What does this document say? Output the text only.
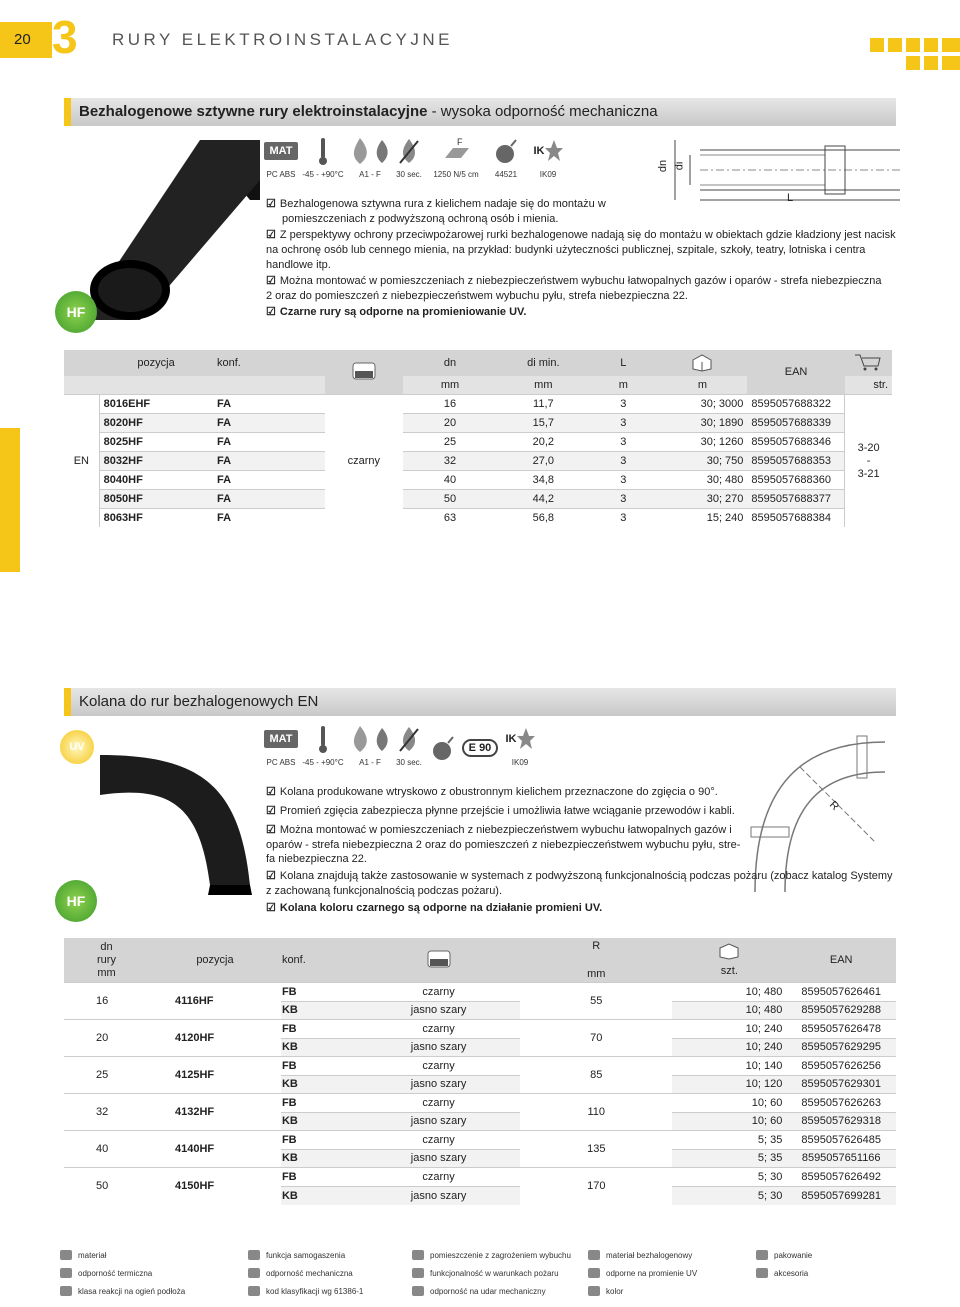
20 3 RURY ELEKTROINSTALACYJNE
Bezhalogenowe sztywne rury elektroinstalacyjne - wysoka odporność mechaniczna
MAT
PC ABS -45 - +90°C A1 - F 30 sec.
F
1250 N/5 cm 44521
IK
IK09
HF
dn di
L
☑ Bezhalogenowa sztywna rura z kielichem nadaje się do montażu w
pomieszczeniach z podwyższoną ochroną osób i mienia.
☑ Z perspektywy ochrony przeciwpożarowej rurki bezhalogenowe nadają się do montażu w obiektach gdzie kładziony jest nacisk
na ochronę osób lub cennego mienia, na przykład: budynki użyteczności publicznej, szpitale, szkoły, teatry, lotniska i centra
handlowe itp.
☑ Można montować w pomieszczeniach z niebezpieczeństwem wybuchu łatwopalnych gazów i oparów - strefa niebezpieczna
2 oraz do pomieszczeń z niebezpieczeństwem wybuchu pyłu, strefa niebezpieczna 22.
☑ Czarne rury są odporne na promieniowanie UV.
	pozycja	konf.		dn	di min.	L		EAN	
				mm	mm	m	m		str.
EN	8016EHF	FA	czarny	16	11,7	3	30; 3000	8595057688322	3-20
-
3-21
	8020HF	FA		20	15,7	3	30; 1890	8595057688339	
	8025HF	FA		25	20,2	3	30; 1260	8595057688346	
	8032HF	FA		32	27,0	3	30; 750	8595057688353	
	8040HF	FA		40	34,8	3	30; 480	8595057688360	
	8050HF	FA		50	44,2	3	30; 270	8595057688377	
	8063HF	FA		63	56,8	3	15; 240	8595057688384	
Kolana do rur bezhalogenowych EN
UV
MAT
PC ABS -45 - +90°C A1 - F 30 sec.
E 90
IK
IK09
HF
R
☑ Kolana produkowane wtryskowo z obustronnym kielichem przeznaczone do zgięcia o 90°.
☑ Promień zgięcia zabezpiecza płynne przejście i umożliwia łatwe wciąganie przewodów i kabli.
☑ Można montować w pomieszczeniach z niebezpieczeństwem wybuchu łatwopalnych gazów i
oparów - strefa niebezpieczna 2 oraz do pomieszczeń z niebezpieczeństwem wybuchu pyłu, stre-
fa niebezpieczna 22.
☑ Kolana znajdują także zastosowanie w systemach z podwyższoną funkcjonalnością podczas pożaru (zobacz katalog Systemy
z zachowaną funkcjonalnością podczas pożaru).
☑ Kolana koloru czarnego są odporne na działanie promieni UV.
dn
rury
mm	pozycja	konf.		R

mm	szt.	EAN
16	4116HF	FB	czarny	55	10; 480	8595057626461
		KB	jasno szary		10; 480	8595057629288
20	4120HF	FB	czarny	70	10; 240	8595057626478
		KB	jasno szary		10; 240	8595057629295
25	4125HF	FB	czarny	85	10; 140	8595057626256
		KB	jasno szary		10; 120	8595057629301
32	4132HF	FB	czarny	110	10; 60	8595057626263
		KB	jasno szary		10; 60	8595057629318
40	4140HF	FB	czarny	135	5; 35	8595057626485
		KB	jasno szary		5; 35	8595057651166
50	4150HF	FB	czarny	170	5; 30	8595057626492
		KB	jasno szary		5; 30	8595057699281
materiał	funkcja samogaszenia	pomieszczenie z zagrożeniem wybuchu	materiał bezhalogenowy	pakowanie
odporność termiczna	odporność mechaniczna	funkcjonalność w warunkach pożaru	odporne na promienie UV	akcesoria
klasa reakcji na ogień podłoża	kod klasyfikacji wg 61386-1	odporność na udar mechaniczny	kolor
